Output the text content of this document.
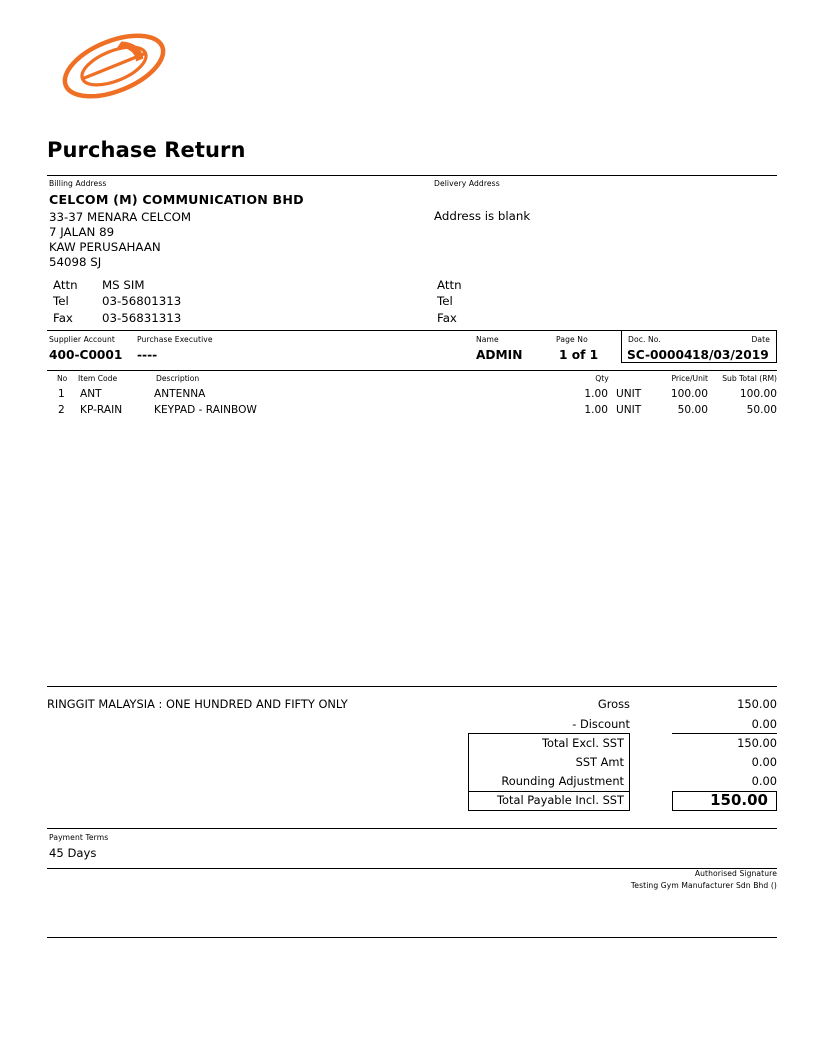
Purchase Return
Billing Address
CELCOM (M) COMMUNICATION BHD
33-37 MENARA CELCOM
7 JALAN 89
KAW PERUSAHAAN
54098 SJ
Attn MS SIM
Tel	03-56801313
Fax 03-56831313
Delivery Address
Address is blank
Attn
Tel
Fax
Supplier Account
400-C0001
Purchase Executive
----
Name
ADMIN
Page No
1 of 1
Doc. No.	Date
SC-00004 18/03/2019
No Item Code	Description	Qty	Price/Unit	Sub Total (RM)
1 ANT	ANTENNA	1.00 UNIT	100.00	100.00
2 KP-RAIN	KEYPAD - RAINBOW	1.00 UNIT	50.00	50.00
RINGGIT MALAYSIA : ONE HUNDRED AND FIFTY ONLY	Gross	150.00
- Discount	0.00
Total Excl. SST	150.00
SST Amt	0.00
Rounding Adjustment	0.00
Total Payable Incl. SST	150.00
Payment Terms
45 Days
Authorised Signature
Testing Gym Manufacturer Sdn Bhd ()
